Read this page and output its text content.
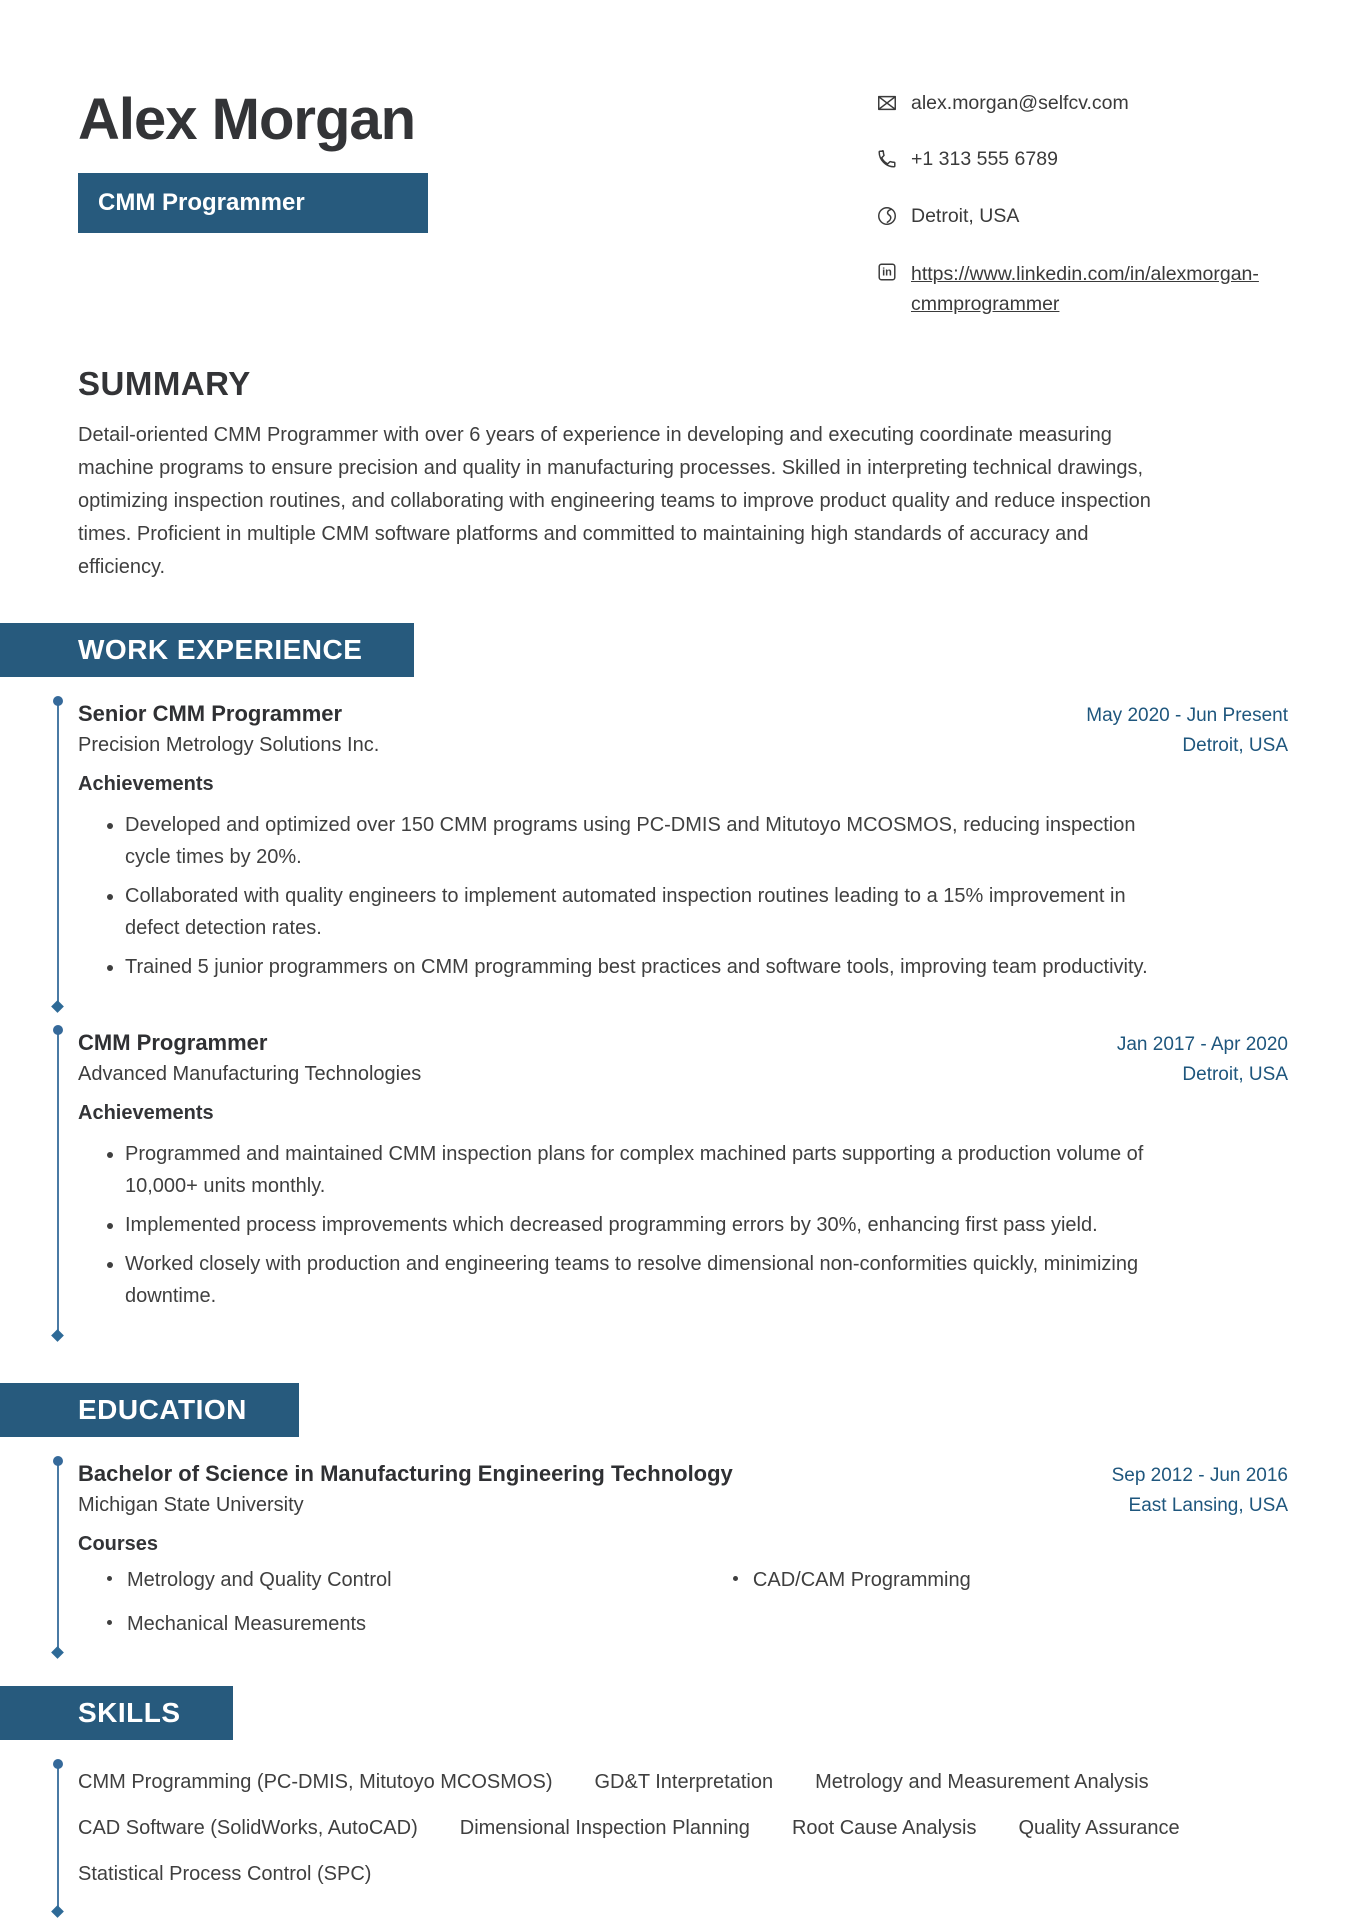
Alex Morgan
CMM Programmer
alex.morgan@selfcv.com
+1 313 555 6789
Detroit, USA
in https://www.linkedin.com/in/alexmorgan-cmmprogrammer
SUMMARY

Detail-oriented CMM Programmer with over 6 years of experience in developing and executing coordinate measuring machine programs to ensure precision and quality in manufacturing processes. Skilled in interpreting technical drawings, optimizing inspection routines, and collaborating with engineering teams to improve product quality and reduce inspection times. Proficient in multiple CMM software platforms and committed to maintaining high standards of accuracy and efficiency.

WORK EXPERIENCE
Senior CMM Programmer	May 2020 - Jun Present
Precision Metrology Solutions Inc.	Detroit, USA
Achievements
• Developed and optimized over 150 CMM programs using PC-DMIS and Mitutoyo MCOSMOS, reducing inspection cycle times by 20%.
• Collaborated with quality engineers to implement automated inspection routines leading to a 15% improvement in defect detection rates.
• Trained 5 junior programmers on CMM programming best practices and software tools, improving team productivity.
CMM Programmer	Jan 2017 - Apr 2020
Advanced Manufacturing Technologies	Detroit, USA
Achievements
• Programmed and maintained CMM inspection plans for complex machined parts supporting a production volume of 10,000+ units monthly.
• Implemented process improvements which decreased programming errors by 30%, enhancing first pass yield.
• Worked closely with production and engineering teams to resolve dimensional non-conformities quickly, minimizing downtime.
EDUCATION
Bachelor of Science in Manufacturing Engineering Technology	Sep 2012 - Jun 2016
Michigan State University	East Lansing, USA
Courses
Metrology and Quality Control	CAD/CAM Programming
Mechanical Measurements
SKILLS
CMM Programming (PC-DMIS, Mitutoyo MCOSMOS) GD&T Interpretation Metrology and Measurement Analysis
CAD Software (SolidWorks, AutoCAD) Dimensional Inspection Planning Root Cause Analysis Quality Assurance
Statistical Process Control (SPC)
